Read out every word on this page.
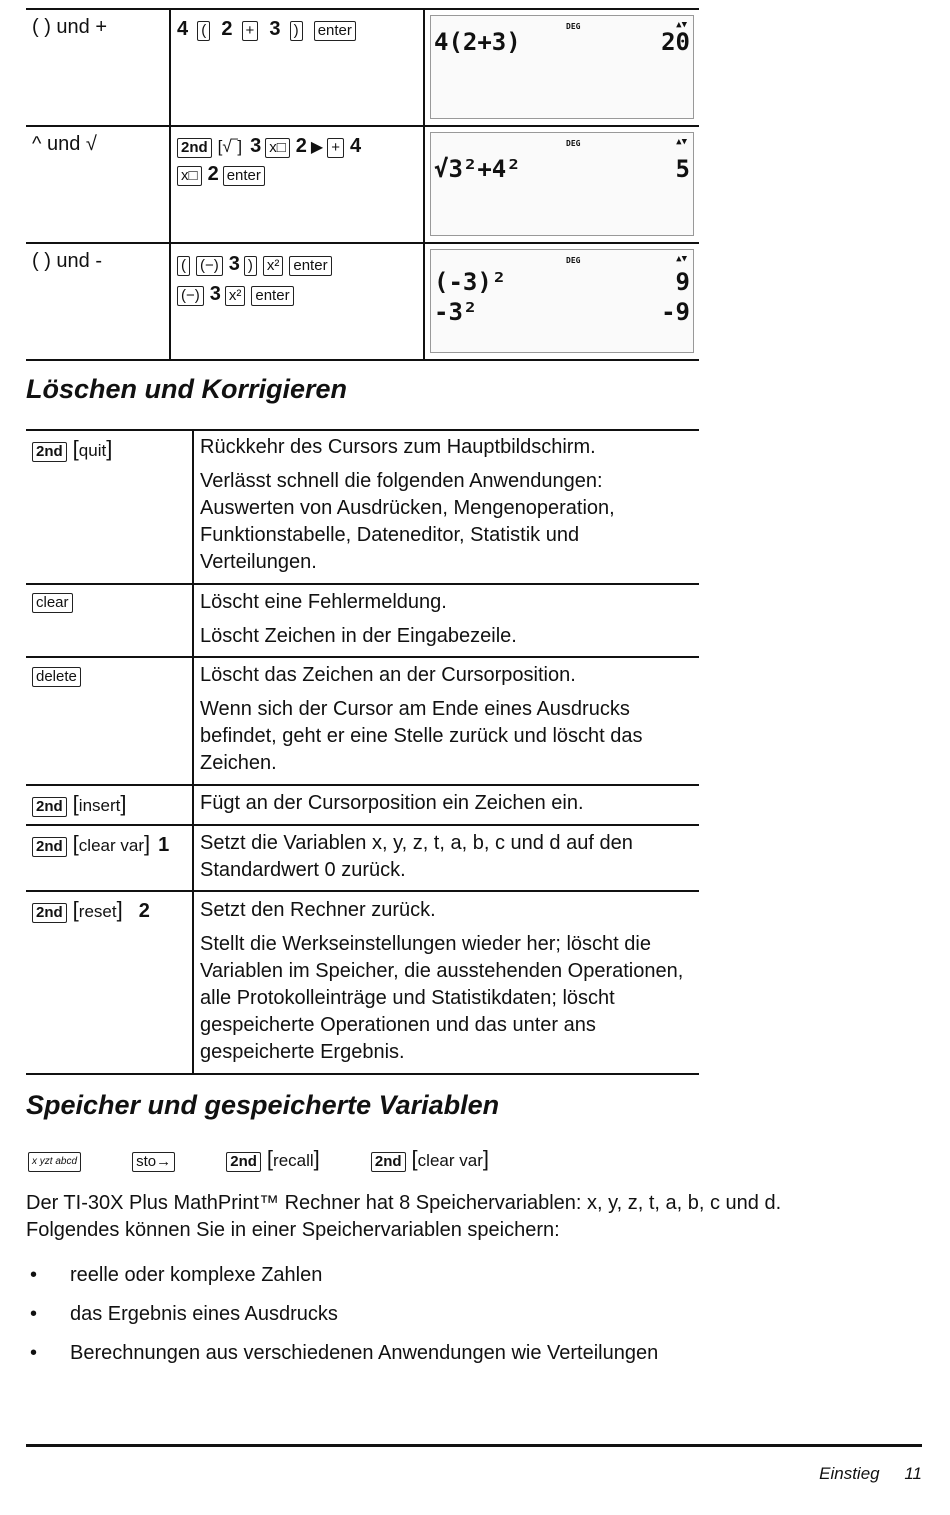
( ) und +	4 ( 2 + 3 ) enter	DEG	▲▼
4(2+3)	20
^ und √	2nd [√‾] 3 x□ 2 ▶ + 4
x□ 2 enter
DEG	▲▼
√3²+4²	5
( ) und -	( (−) 3 ) x² enter
(−) 3 x² enter
DEG	▲▼
(-3)²	9
-3²	-9
Löschen und Korrigieren
2nd [quit]	Rückkehr des Cursors zum Hauptbildschirm.
Verlässt schnell die folgenden Anwendungen: Auswerten von Ausdrücken, Mengenoperation, Funktionstabelle, Dateneditor, Statistik und Verteilungen.
clear	Löscht eine Fehlermeldung.
Löscht Zeichen in der Eingabezeile.
delete	Löscht das Zeichen an der Cursorposition.
Wenn sich der Cursor am Ende eines Ausdrucks befindet, geht er eine Stelle zurück und löscht das Zeichen.
2nd [insert]	Fügt an der Cursorposition ein Zeichen ein.
2nd [clear var] 1 Setzt die Variablen x, y, z, t, a, b, c und d auf den Standardwert 0 zurück.
2nd [reset] 2	Setzt den Rechner zurück.
Stellt die Werkseinstellungen wieder her; löscht die Variablen im Speicher, die ausstehenden Operationen, alle Protokolleinträge und Statistikdaten; löscht gespeicherte Operationen und das unter ans gespeicherte Ergebnis.
Speicher und gespeicherte Variablen
x yzt abcd	sto→	2nd [recall]	2nd [clear var]
Der TI-30X Plus MathPrint™ Rechner hat 8 Speichervariablen: x, y, z, t, a, b, c und d.
Folgendes können Sie in einer Speichervariablen speichern:
• reelle oder komplexe Zahlen
• das Ergebnis eines Ausdrucks
• Berechnungen aus verschiedenen Anwendungen wie Verteilungen
Einstieg 11
